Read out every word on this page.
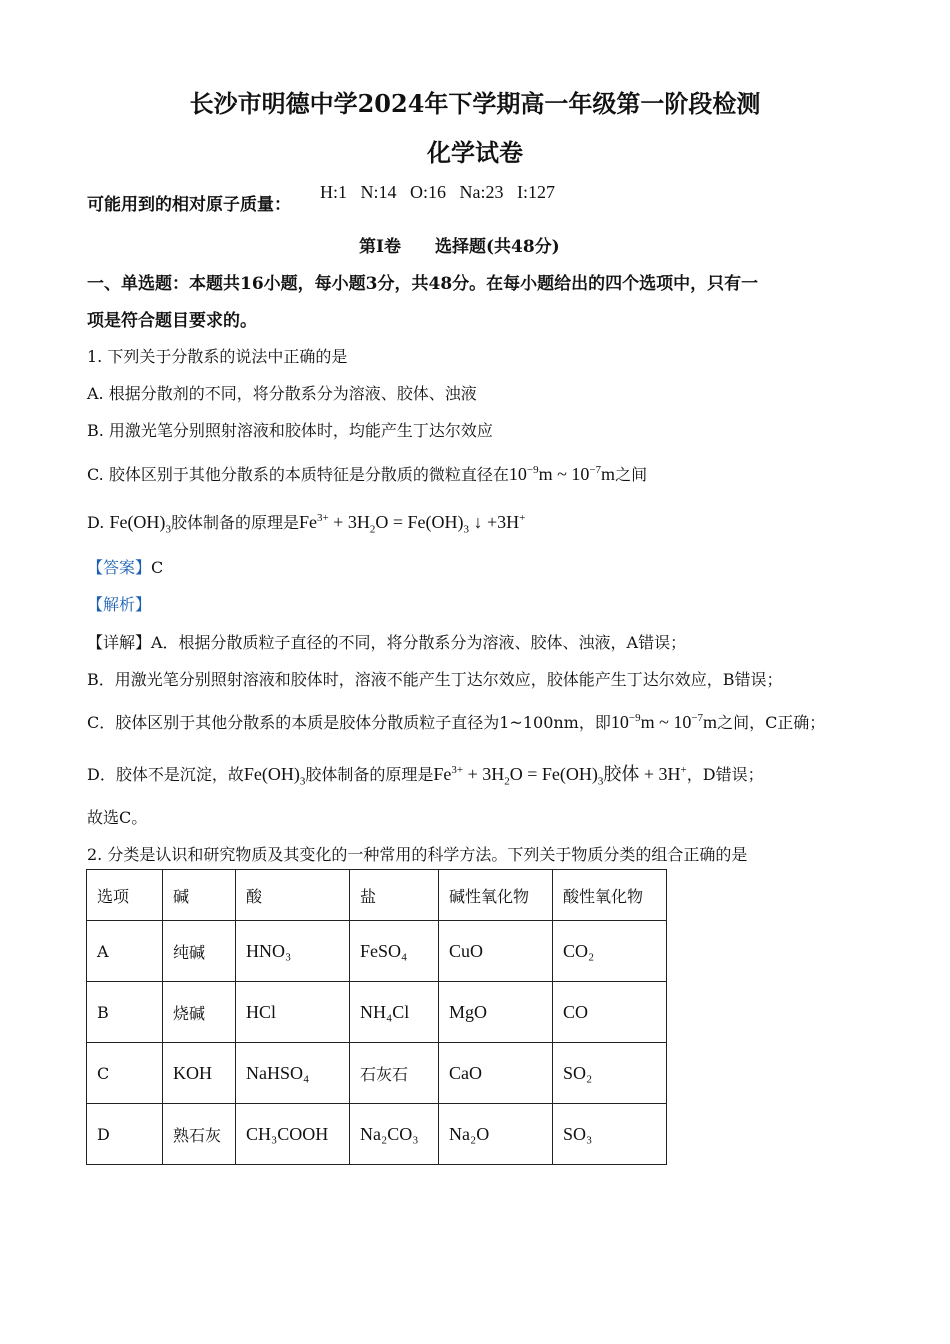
长沙市明德中学2024年下学期高一年级第一阶段检测
化学试卷
可能用到的相对原子质量：
H:1   N:14   O:16   Na:23   I:127
第I卷　　选择题(共48分)
一、单选题：本题共16小题，每小题3分，共48分。在每小题给出的四个选项中，只有一
项是符合题目要求的。
1. 下列关于分散系的说法中正确的是
A. 根据分散剂的不同，将分散系分为溶液、胶体、浊液
B. 用激光笔分别照射溶液和胶体时，均能产生丁达尔效应
C. 胶体区别于其他分散系的本质特征是分散质的微粒直径在$10^{-9}m$ ~ $10^{-7}m$之间
D. $Fe(OH)_3$胶体制备的原理是$Fe^{3+} + 3H_2O = Fe(OH)_3$ ↓ +3H+
【答案】C
【解析】
【详解】A．根据分散质粒子直径的不同，将分散系分为溶液、胶体、浊液，A错误；
B．用激光笔分别照射溶液和胶体时，溶液不能产生丁达尔效应，胶体能产生丁达尔效应，B错误；
C．胶体区别于其他分散系的本质是胶体分散质粒子直径为1~100nm，即$10^{-9}m$ ~ $10^{-7}m$之间，C正确；
D．胶体不是沉淀，故$Fe(OH)_3$胶体制备的原理是$Fe^{3+} + 3H_2O = Fe(OH)_3$胶体 + 3H+，D错误；
故选C。
2. 分类是认识和研究物质及其变化的一种常用的科学方法。下列关于物质分类的组合正确的是
选项	碱	酸	盐	碱性氧化物	酸性氧化物
A	纯碱	HNO₃	FeSO₄	CuO	CO₂
B	烧碱	HCl	NH₄Cl	MgO	CO
C	KOH	NaHSO₄	石灰石	CaO	SO₂
D	熟石灰	CH₃COOH	Na₂CO₃	Na₂O	SO₃
